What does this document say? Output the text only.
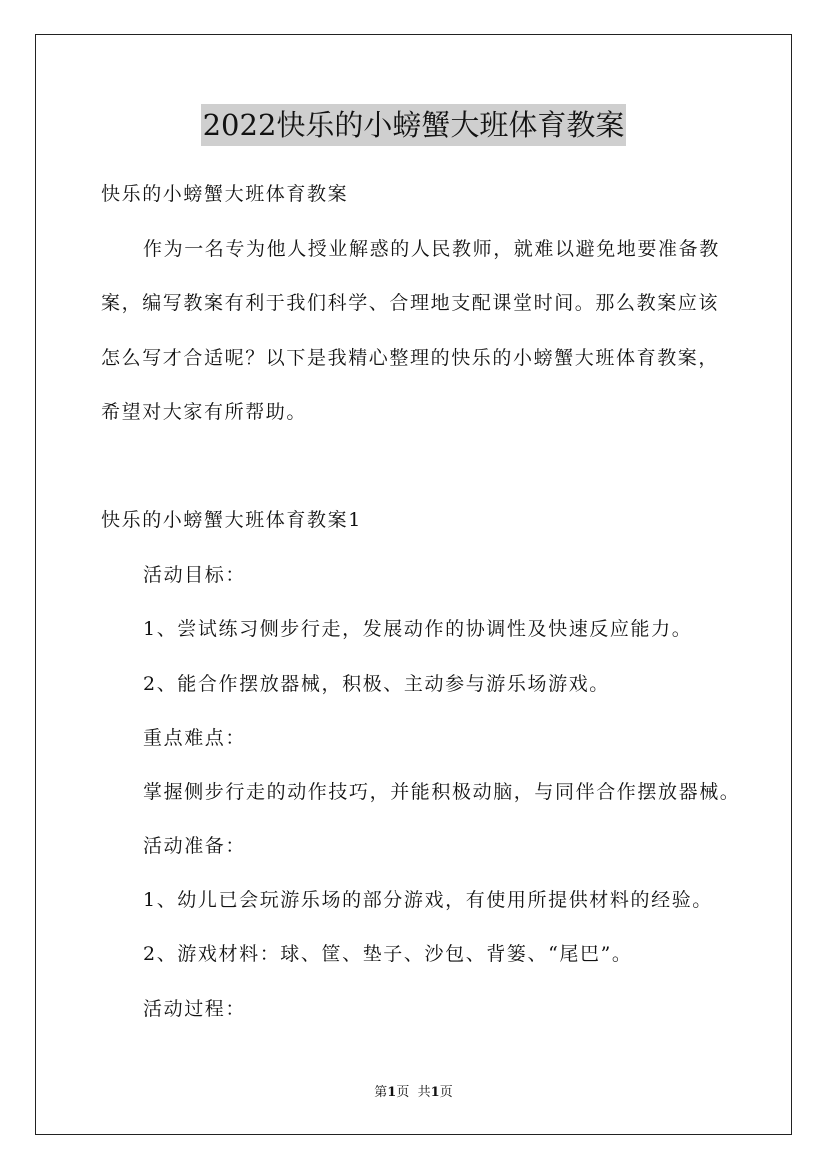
2022快乐的小螃蟹大班体育教案

快乐的小螃蟹大班体育教案

作为一名专为他人授业解惑的人民教师，就难以避免地要准备教

案，编写教案有利于我们科学、合理地支配课堂时间。那么教案应该

怎么写才合适呢？以下是我精心整理的快乐的小螃蟹大班体育教案，

希望对大家有所帮助。

快乐的小螃蟹大班体育教案1

活动目标：

1、尝试练习侧步行走，发展动作的协调性及快速反应能力。

2、能合作摆放器械，积极、主动参与游乐场游戏。

重点难点：

掌握侧步行走的动作技巧，并能积极动脑，与同伴合作摆放器械。

活动准备：

1、幼儿已会玩游乐场的部分游戏，有使用所提供材料的经验。

2、游戏材料：球、筐、垫子、沙包、背篓、“尾巴”。

活动过程：

第1页 共1页
